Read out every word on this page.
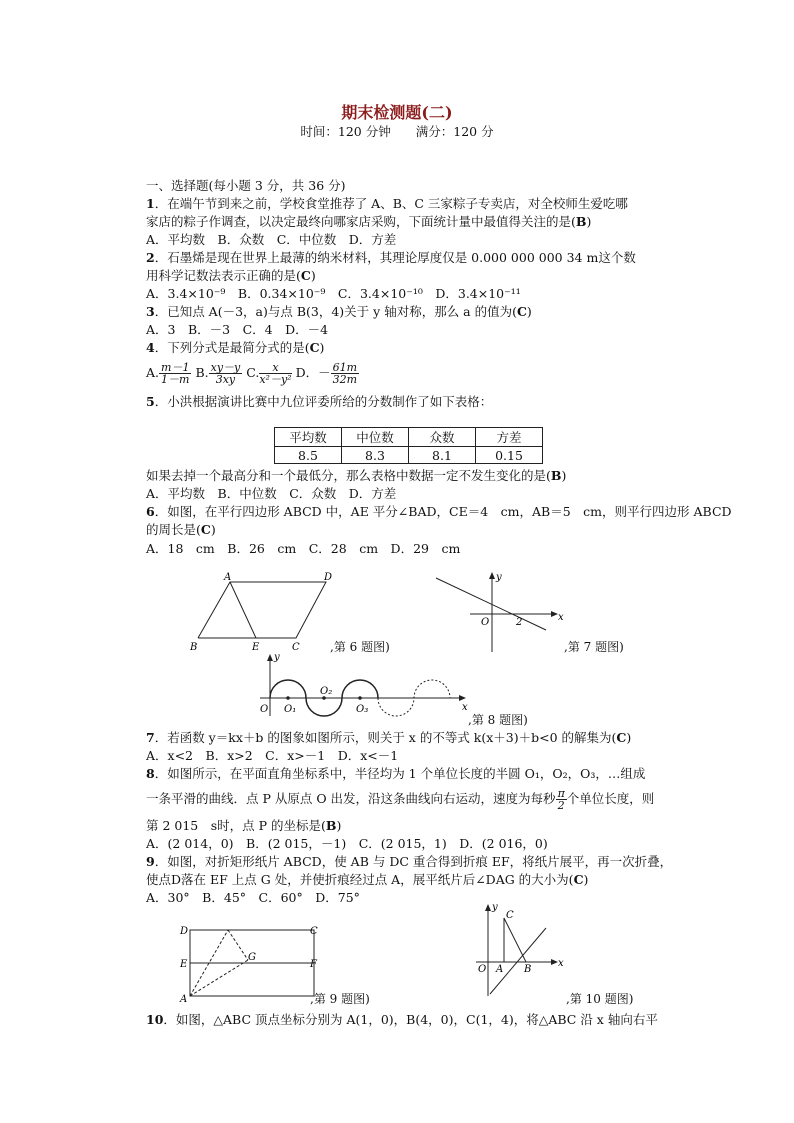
期末检测题(二)
时间：120 分钟　　满分：120 分
一、选择题(每小题 3 分，共 36 分)
1．在端午节到来之前，学校食堂推荐了 A、B、C 三家粽子专卖店，对全校师生爱吃哪
家店的粽子作调查，以决定最终向哪家店采购，下面统计量中最值得关注的是(B)
A．平均数　B．众数　C．中位数　D．方差
2．石墨烯是现在世界上最薄的纳米材料，其理论厚度仅是 0.000 000 000 34 m这个数
用科学记数法表示正确的是(C)
A．3.4×10⁻⁹　B．0.34×10⁻⁹　C．3.4×10⁻¹⁰　D．3.4×10⁻¹¹
3．已知点 A(－3，a)与点 B(3，4)关于 y 轴对称，那么 a 的值为(C)
A．3　B．－3　C．4　D．－4
4．下列分式是最简分式的是(C)
A. $\frac{m-1}{1-m} B$. $\frac{xy-y}{3xy} C$. $\frac{x}{\text{x²－y²}}$ D．－ $\frac{61m}{32m}$
5．小洪根据演讲比赛中九位评委所给的分数制作了如下表格：
平均数	中位数	众数	方差
8.5	8.3	8.1	0.15
如果去掉一个最高分和一个最低分，那么表格中数据一定不发生变化的是(B)
A．平均数　B．中位数　C．众数　D．方差
6．如图，在平行四边形 ABCD 中，AE 平分∠BAD，CE＝4　cm，AB＝5　cm，则平行四边形 ABCD
的周长是(C)
A．18　cm　B．26　cm　C．28　cm　D．29　cm
A	D
B	E	C	,第 6 题图)
y
x
O	2
,第 7 题图)
y
x
O O₁
O₂
O₃
,第 8 题图)
7．若函数 y＝kx＋b 的图象如图所示，则关于 x 的不等式 k(x＋3)＋b<0 的解集为(C)
A．x<2　B．x>2　C．x>－1　D．x<－1
8．如图所示，在平面直角坐标系中，半径均为 1 个单位长度的半圆 O₁，O₂，O₃，…组成
一条平滑的曲线．点 P 从原点 O 出发，沿这条曲线向右运动，速度为每秒 $\frac{\pi}{2}$ 个单位长度，则
第 2 015　s时，点 P 的坐标是(B)
A．(2 014，0)　B．(2 015，－1)　C．(2 015，1)　D．(2 016，0)
9．如图，对折矩形纸片 ABCD，使 AB 与 DC 重合得到折痕 EF，将纸片展平，再一次折叠，
使点D落在 EF 上点 G 处，并使折痕经过点 A，展平纸片后∠DAG 的大小为(C)
A．30°　B．45°　C．60°　D．75°
D	C
E	F
G
A	,第 9 题图)
y
x
O A B
C
,第 10 题图)
10．如图，△ABC 顶点坐标分别为 A(1，0)，B(4，0)，C(1，4)，将△ABC 沿 x 轴向右平
